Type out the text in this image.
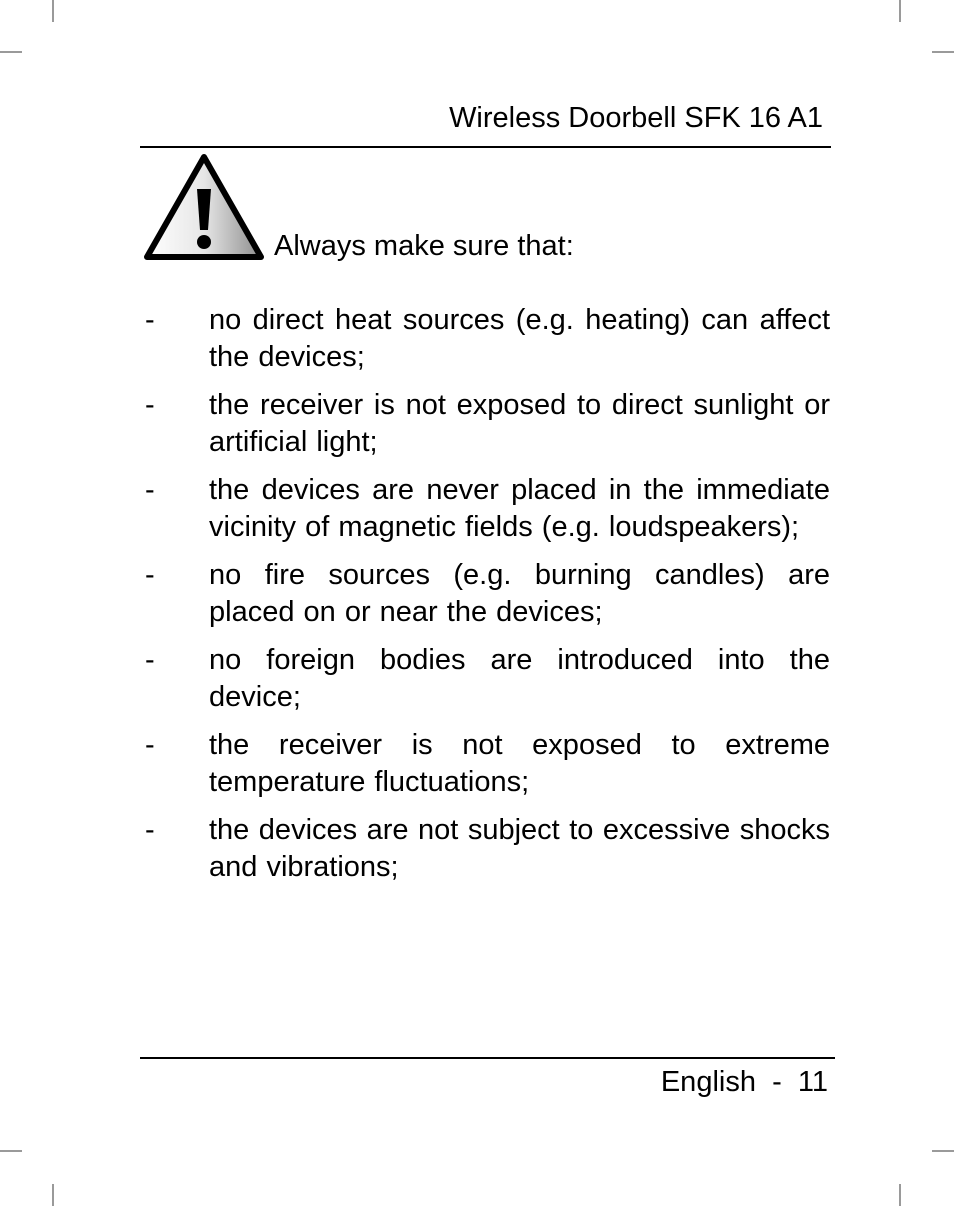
Wireless Doorbell SFK 16 A1
Always make sure that:
- no direct heat sources (e.g. heating) can affect the devices;
- the receiver is not exposed to direct sunlight or artificial light;
- the devices are never placed in the immediate vicinity of magnetic fields (e.g. loudspeakers);
- no fire sources (e.g. burning candles) are placed on or near the devices;
- no foreign bodies are introduced into the device;
- the receiver is not exposed to extreme temperature fluctuations;
- the devices are not subject to excessive shocks and vibrations;
English - 11
